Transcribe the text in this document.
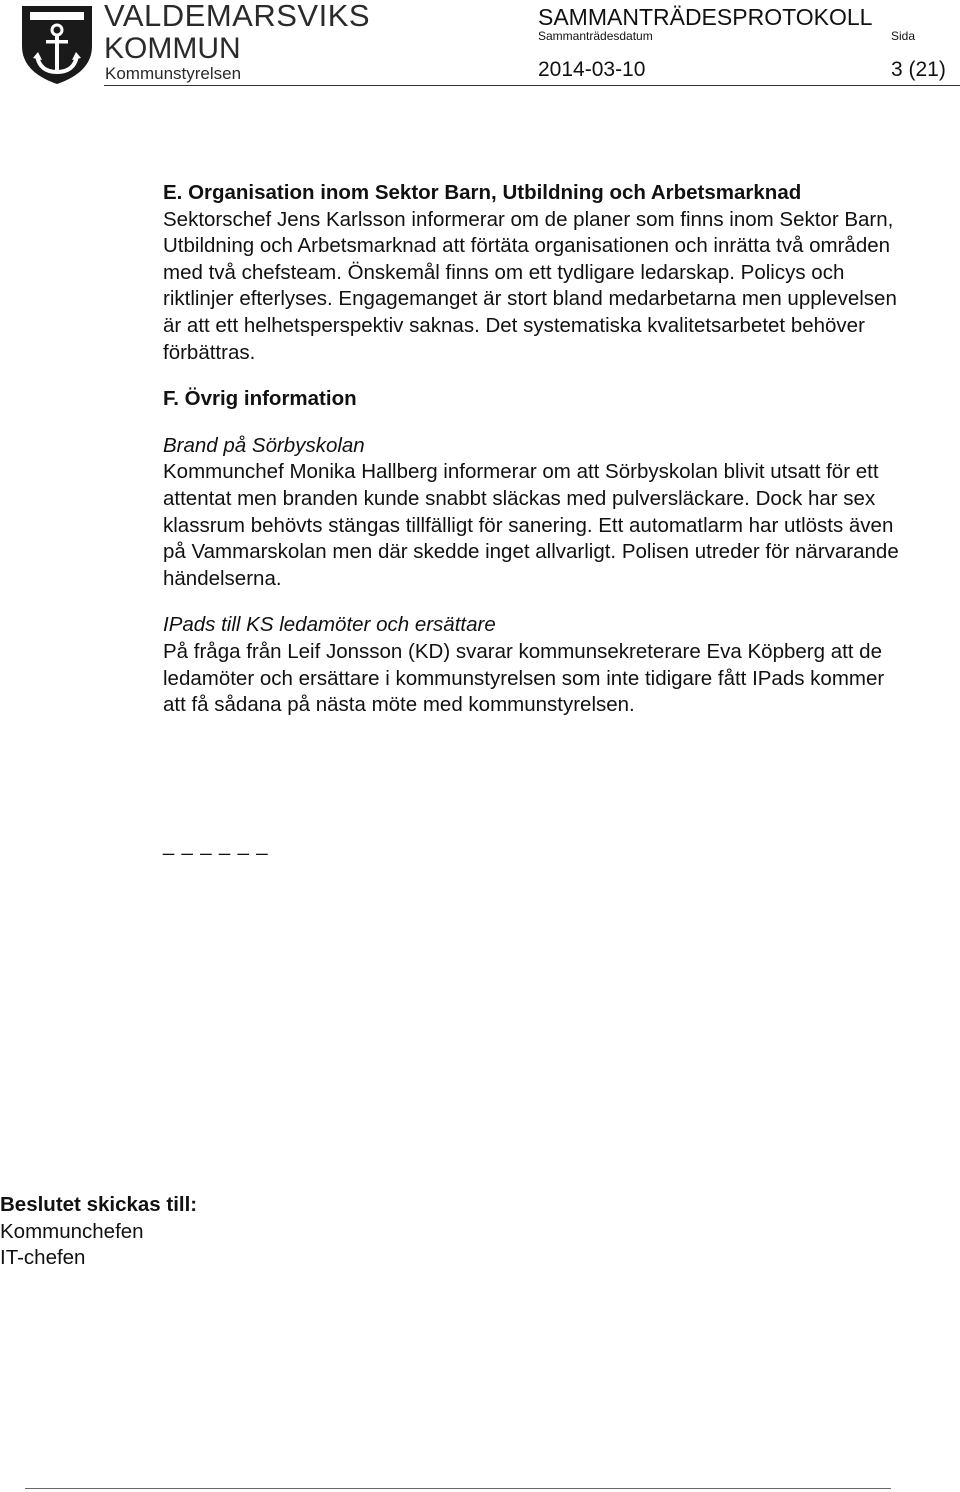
VALDEMARSVIKS
KOMMUN
Kommunstyrelsen
SAMMANTRÄDESPROTOKOLL
Sammanträdesdatum	Sida
2014-03-10	3 (21)

E. Organisation inom Sektor Barn, Utbildning och Arbetsmarknad

Sektorschef Jens Karlsson informerar om de planer som finns inom Sektor Barn, Utbildning och Arbetsmarknad att förtäta organisationen och inrätta två områden med två chefsteam. Önskemål finns om ett tydligare ledarskap. Policys och riktlinjer efterlyses. Engagemanget är stort bland medarbetarna men upplevelsen är att ett helhetsperspektiv saknas. Det systematiska kvalitetsarbetet behöver förbättras.

F. Övrig information

Brand på Sörbyskolan

Kommunchef Monika Hallberg informerar om att Sörbyskolan blivit utsatt för ett attentat men branden kunde snabbt släckas med pulversläckare. Dock har sex klassrum behövts stängas tillfälligt för sanering. Ett automatlarm har utlösts även på Vammarskolan men där skedde inget allvarligt. Polisen utreder för närvarande händelserna.

IPads till KS ledamöter och ersättare

På fråga från Leif Jonsson (KD) svarar kommunsekreterare Eva Köpberg att de ledamöter och ersättare i kommunstyrelsen som inte tidigare fått IPads kommer att få sådana på nästa möte med kommunstyrelsen.

_ _ _ _ _ _
Beslutet skickas till:
Kommunchefen
IT-chefen
